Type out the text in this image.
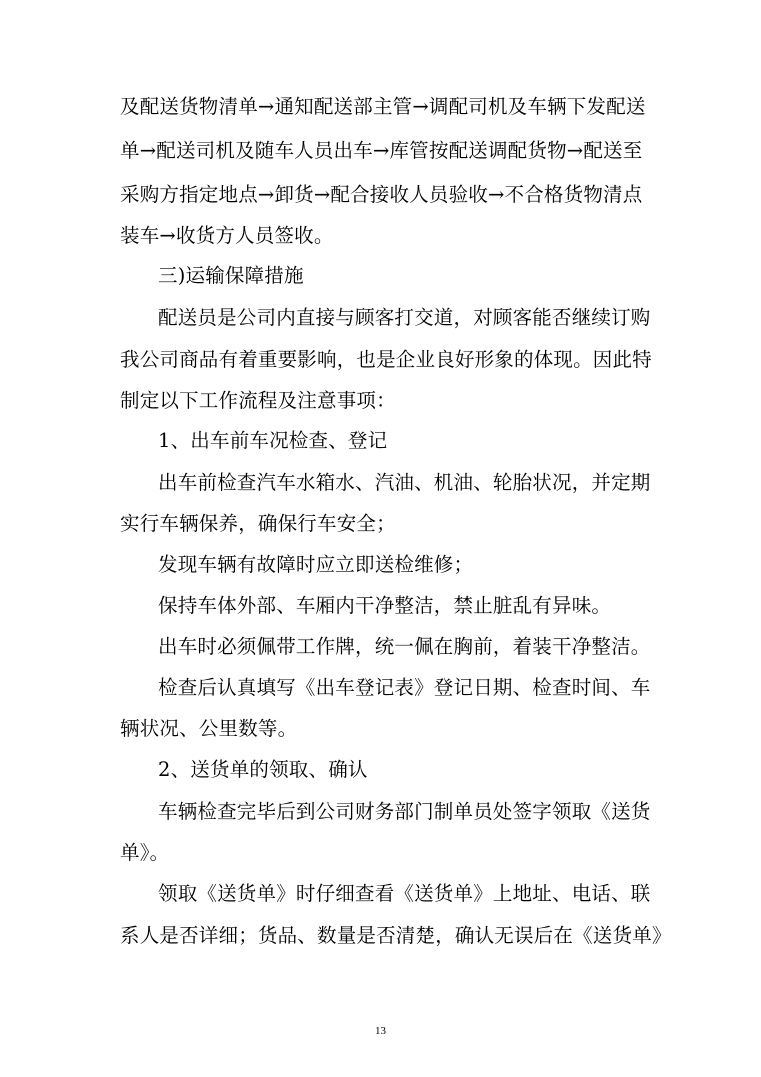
及配送货物清单→通知配送部主管→调配司机及车辆下发配送
单→配送司机及随车人员出车→库管按配送调配货物→配送至
采购方指定地点→卸货→配合接收人员验收→不合格货物清点
装车→收货方人员签收。
三)运输保障措施
配送员是公司内直接与顾客打交道，对顾客能否继续订购
我公司商品有着重要影响，也是企业良好形象的体现。因此特
制定以下工作流程及注意事项：
1、出车前车况检查、登记
出车前检查汽车水箱水、汽油、机油、轮胎状况，并定期
实行车辆保养，确保行车安全；
发现车辆有故障时应立即送检维修；
保持车体外部、车厢内干净整洁，禁止脏乱有异味。
出车时必须佩带工作牌，统一佩在胸前，着装干净整洁。
检查后认真填写《出车登记表》登记日期、检查时间、车
辆状况、公里数等。
2、送货单的领取、确认
车辆检查完毕后到公司财务部门制单员处签字领取《送货
单》。
领取《送货单》时仔细查看《送货单》上地址、电话、联
系人是否详细；货品、数量是否清楚，确认无误后在《送货单》
13
